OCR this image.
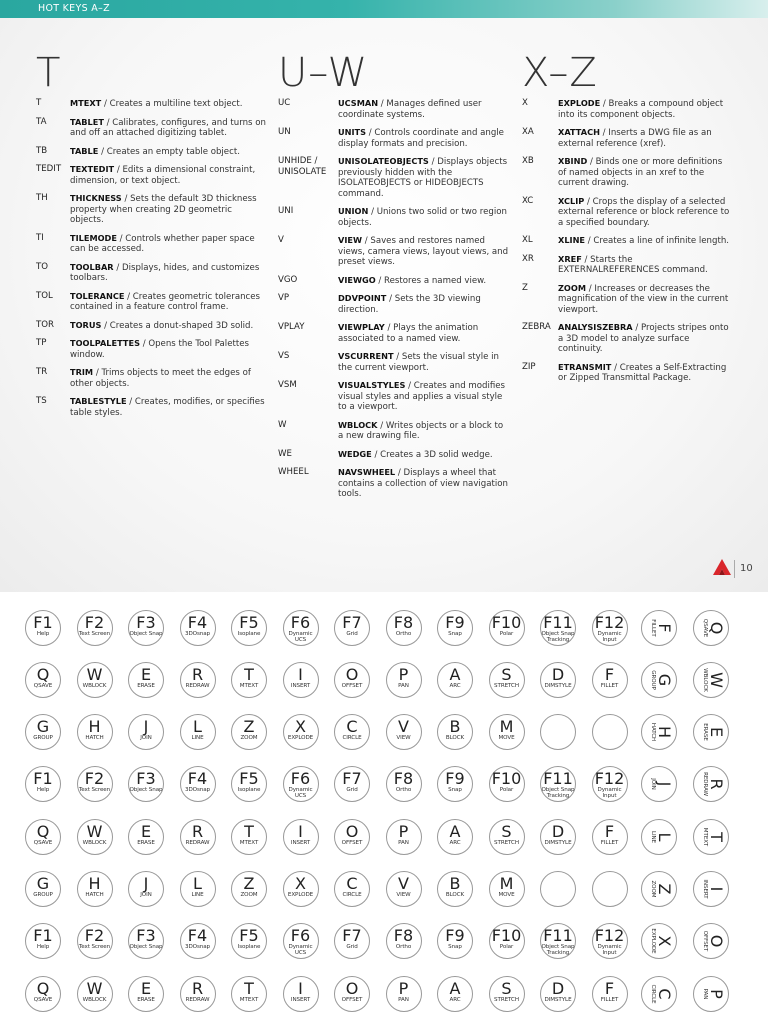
HOT KEYS A–Z
T
T	MTEXT / Creates a multiline text object.
TA	TABLET / Calibrates, configures, and turns on and off an attached digitizing tablet.
TB	TABLE / Creates an empty table object.
TEDIT	TEXTEDIT / Edits a dimensional constraint, dimension, or text object.
TH	THICKNESS / Sets the default 3D thickness property when creating 2D geometric objects.
TI	TILEMODE / Controls whether paper space can be accessed.
TO	TOOLBAR / Displays, hides, and customizes toolbars.
TOL	TOLERANCE / Creates geometric tolerances contained in a feature control frame.
TOR	TORUS / Creates a donut-shaped 3D solid.
TP	TOOLPALETTES / Opens the Tool Palettes window.
TR	TRIM / Trims objects to meet the edges of other objects.
TS	TABLESTYLE / Creates, modifies, or specifies table styles.
U–W
UC	UCSMAN / Manages defined user coordinate systems.
UN	UNITS / Controls coordinate and angle display formats and precision.
UNHIDE / UNISOLATE
UNISOLATEOBJECTS / Displays objects previously hidden with the ISOLATEOBJECTS or HIDEOBJECTS command.
UNI	UNION / Unions two solid or two region objects.
V	VIEW / Saves and restores named views, camera views, layout views, and preset views.
VGO	VIEWGO / Restores a named view.
VP	DDVPOINT / Sets the 3D viewing direction.
VPLAY	VIEWPLAY / Plays the animation associated to a named view.
VS	VSCURRENT / Sets the visual style in the current viewport.
VSM	VISUALSTYLES / Creates and modifies visual styles and applies a visual style to a viewport.
W	WBLOCK / Writes objects or a block to a new drawing file.
WE	WEDGE / Creates a 3D solid wedge.
WHEEL	NAVSWHEEL / Displays a wheel that contains a collection of view navigation tools.
X–Z
X	EXPLODE / Breaks a compound object into its component objects.
XA	XATTACH / Inserts a DWG file as an external reference (xref).
XB	XBIND / Binds one or more definitions of named objects in an xref to the current drawing.
XC	XCLIP / Crops the display of a selected external reference or block reference to a specified boundary.
XL	XLINE / Creates a line of infinite length.
XR	XREF / Starts the EXTERNALREFERENCES command.
Z	ZOOM / Increases or decreases the magnification of the view in the current viewport.
ZEBRA ANALYSISZEBRA / Projects stripes onto a 3D model to analyze surface continuity.
ZIP	ETRANSMIT / Creates a Self-Extracting or Zipped Transmittal Package.
10
F1
Help
F2
Text Screen
F3
Object Snap
F4
3DOsnap
F5
Isoplane
F6
Dynamic UCS
F7
Grid
F8
Ortho
F9
Snap
F10
Polar
F11
Object Snap Tracking
F12
Dynamic Input
F
FILLET	Q
QSAVE
Q
QSAVE
W
WBLOCK
E
ERASE
R
REDRAW
T
MTEXT
I
INSERT
O
OFFSET
P
PAN
A
ARC
S
STRETCH
D
DIMSTYLE
F
FILLET	G
GROUP	W
WBLOCK
G
GROUP
H
HATCH
J
JOIN
L
LINE
Z
ZOOM
X
EXPLODE
C
CIRCLE
V
VIEW
B
BLOCK
M
MOVE	H
HATCH	E
ERASE
F1
Help
F2
Text Screen
F3
Object Snap
F4
3DOsnap
F5
Isoplane
F6
Dynamic UCS
F7
Grid
F8
Ortho
F9
Snap
F10
Polar
F11
Object Snap Tracking
F12
Dynamic Input
J
JOIN	R
REDRAW
Q
QSAVE
W
WBLOCK
E
ERASE
R
REDRAW
T
MTEXT
I
INSERT
O
OFFSET
P
PAN
A
ARC
S
STRETCH
D
DIMSTYLE
F
FILLET
L
LINE	T
MTEXT
G
GROUP
H
HATCH
J
JOIN
L
LINE
Z
ZOOM
X
EXPLODE
C
CIRCLE
V
VIEW
B
BLOCK
M
MOVE
Z
ZOOM	I
INSERT
F1
Help
F2
Text Screen
F3
Object Snap
F4
3DOsnap
F5
Isoplane
F6
Dynamic UCS
F7
Grid
F8
Ortho
F9
Snap
F10
Polar
F11
Object Snap Tracking
F12
Dynamic Input
X
EXPLODE	O
OFFSET
Q
QSAVE
W
WBLOCK
E
ERASE
R
REDRAW
T
MTEXT
I
INSERT
O
OFFSET
P
PAN
A
ARC
S
STRETCH
D
DIMSTYLE
F
FILLET
C
CIRCLE	P
PAN
